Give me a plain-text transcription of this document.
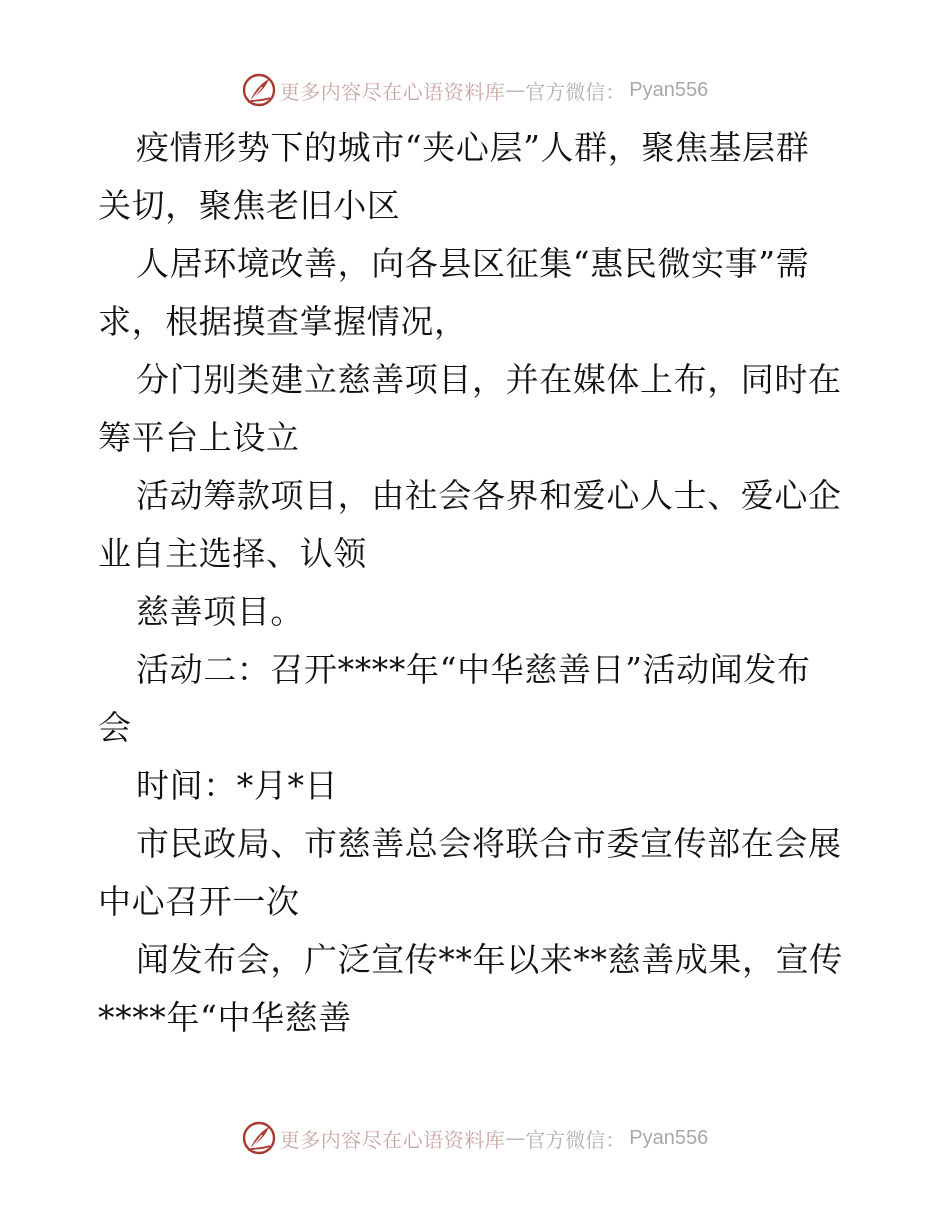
更多内容尽在心语资料库 — 官方微信： Pyan556
疫情形势下的城市“夹心层”人群，聚焦基层群
关切，聚焦老旧小区
人居环境改善，向各县区征集“惠民微实事”需
求，根据摸查掌握情况，
分门别类建立慈善项目，并在媒体上布，同时在
筹平台上设立
活动筹款项目，由社会各界和爱心人士、爱心企
业自主选择、认领
慈善项目。
活动二：召开****年“中华慈善日”活动闻发布
会
时间：*月*日
市民政局、市慈善总会将联合市委宣传部在会展
中心召开一次
闻发布会，广泛宣传**年以来**慈善成果，宣传
****年“中华慈善
更多内容尽在心语资料库 — 官方微信： Pyan556
